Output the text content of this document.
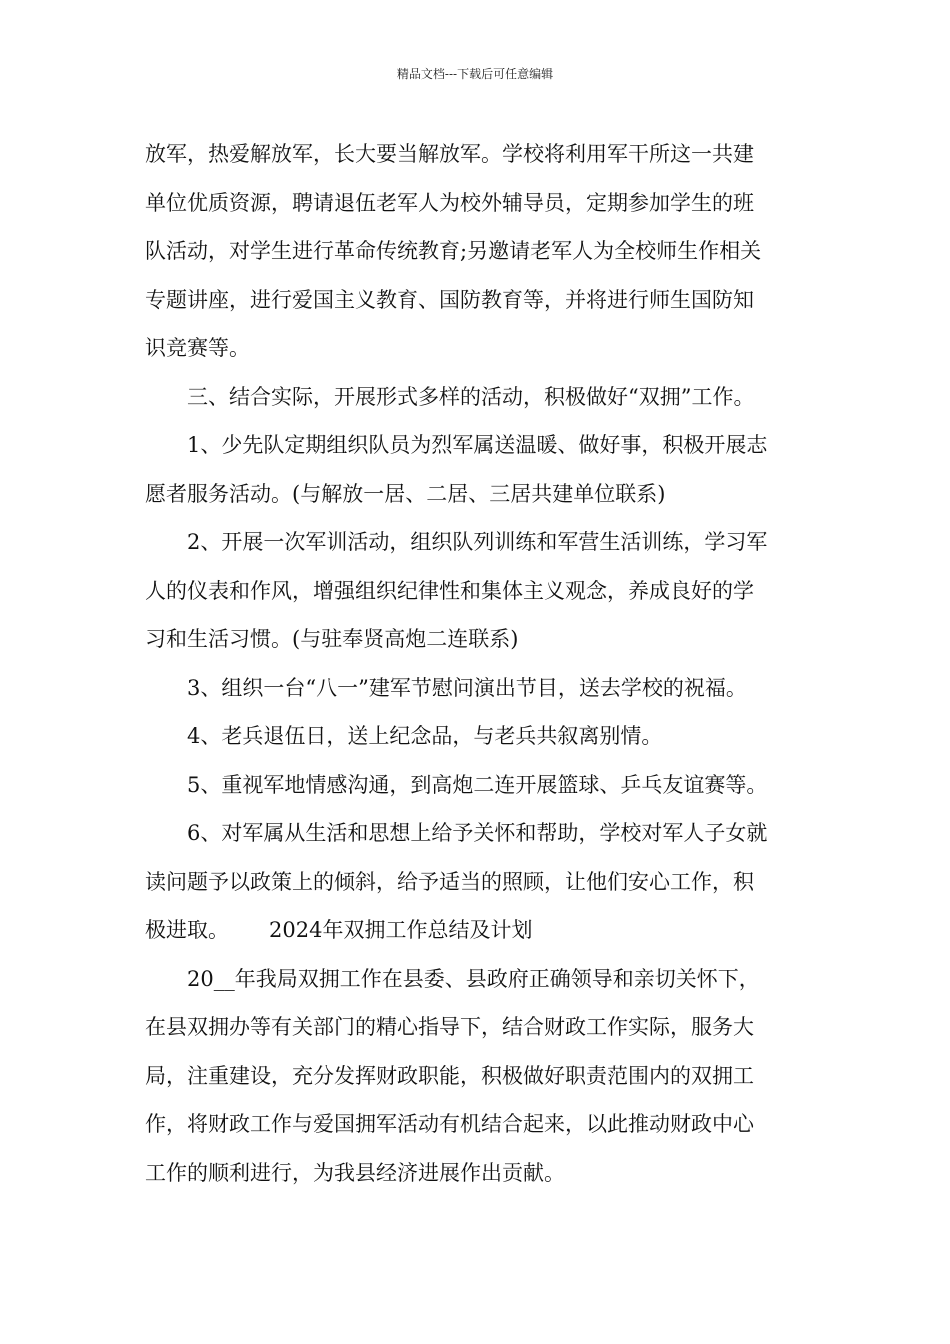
精品文档---下载后可任意编辑
放军，热爱解放军，长大要当解放军。学校将利用军干所这一共建
单位优质资源，聘请退伍老军人为校外辅导员，定期参加学生的班
队活动，对学生进行革命传统教育;另邀请老军人为全校师生作相关
专题讲座，进行爱国主义教育、国防教育等，并将进行师生国防知
识竞赛等。
三、结合实际，开展形式多样的活动，积极做好“双拥”工作。
1、少先队定期组织队员为烈军属送温暖、做好事，积极开展志
愿者服务活动。(与解放一居、二居、三居共建单位联系)
2、开展一次军训活动，组织队列训练和军营生活训练，学习军
人的仪表和作风，增强组织纪律性和集体主义观念，养成良好的学
习和生活习惯。(与驻奉贤高炮二连联系)
3、组织一台“八一”建军节慰问演出节目，送去学校的祝福。
4、老兵退伍日，送上纪念品，与老兵共叙离别情。
5、重视军地情感沟通，到高炮二连开展篮球、乒乓友谊赛等。
6、对军属从生活和思想上给予关怀和帮助，学校对军人子女就
读问题予以政策上的倾斜，给予适当的照顾，让他们安心工作，积
极进取。      2024年双拥工作总结及计划
20__年我局双拥工作在县委、县政府正确领导和亲切关怀下，
在县双拥办等有关部门的精心指导下，结合财政工作实际，服务大
局，注重建设，充分发挥财政职能，积极做好职责范围内的双拥工
作，将财政工作与爱国拥军活动有机结合起来，以此推动财政中心
工作的顺利进行，为我县经济进展作出贡献。
